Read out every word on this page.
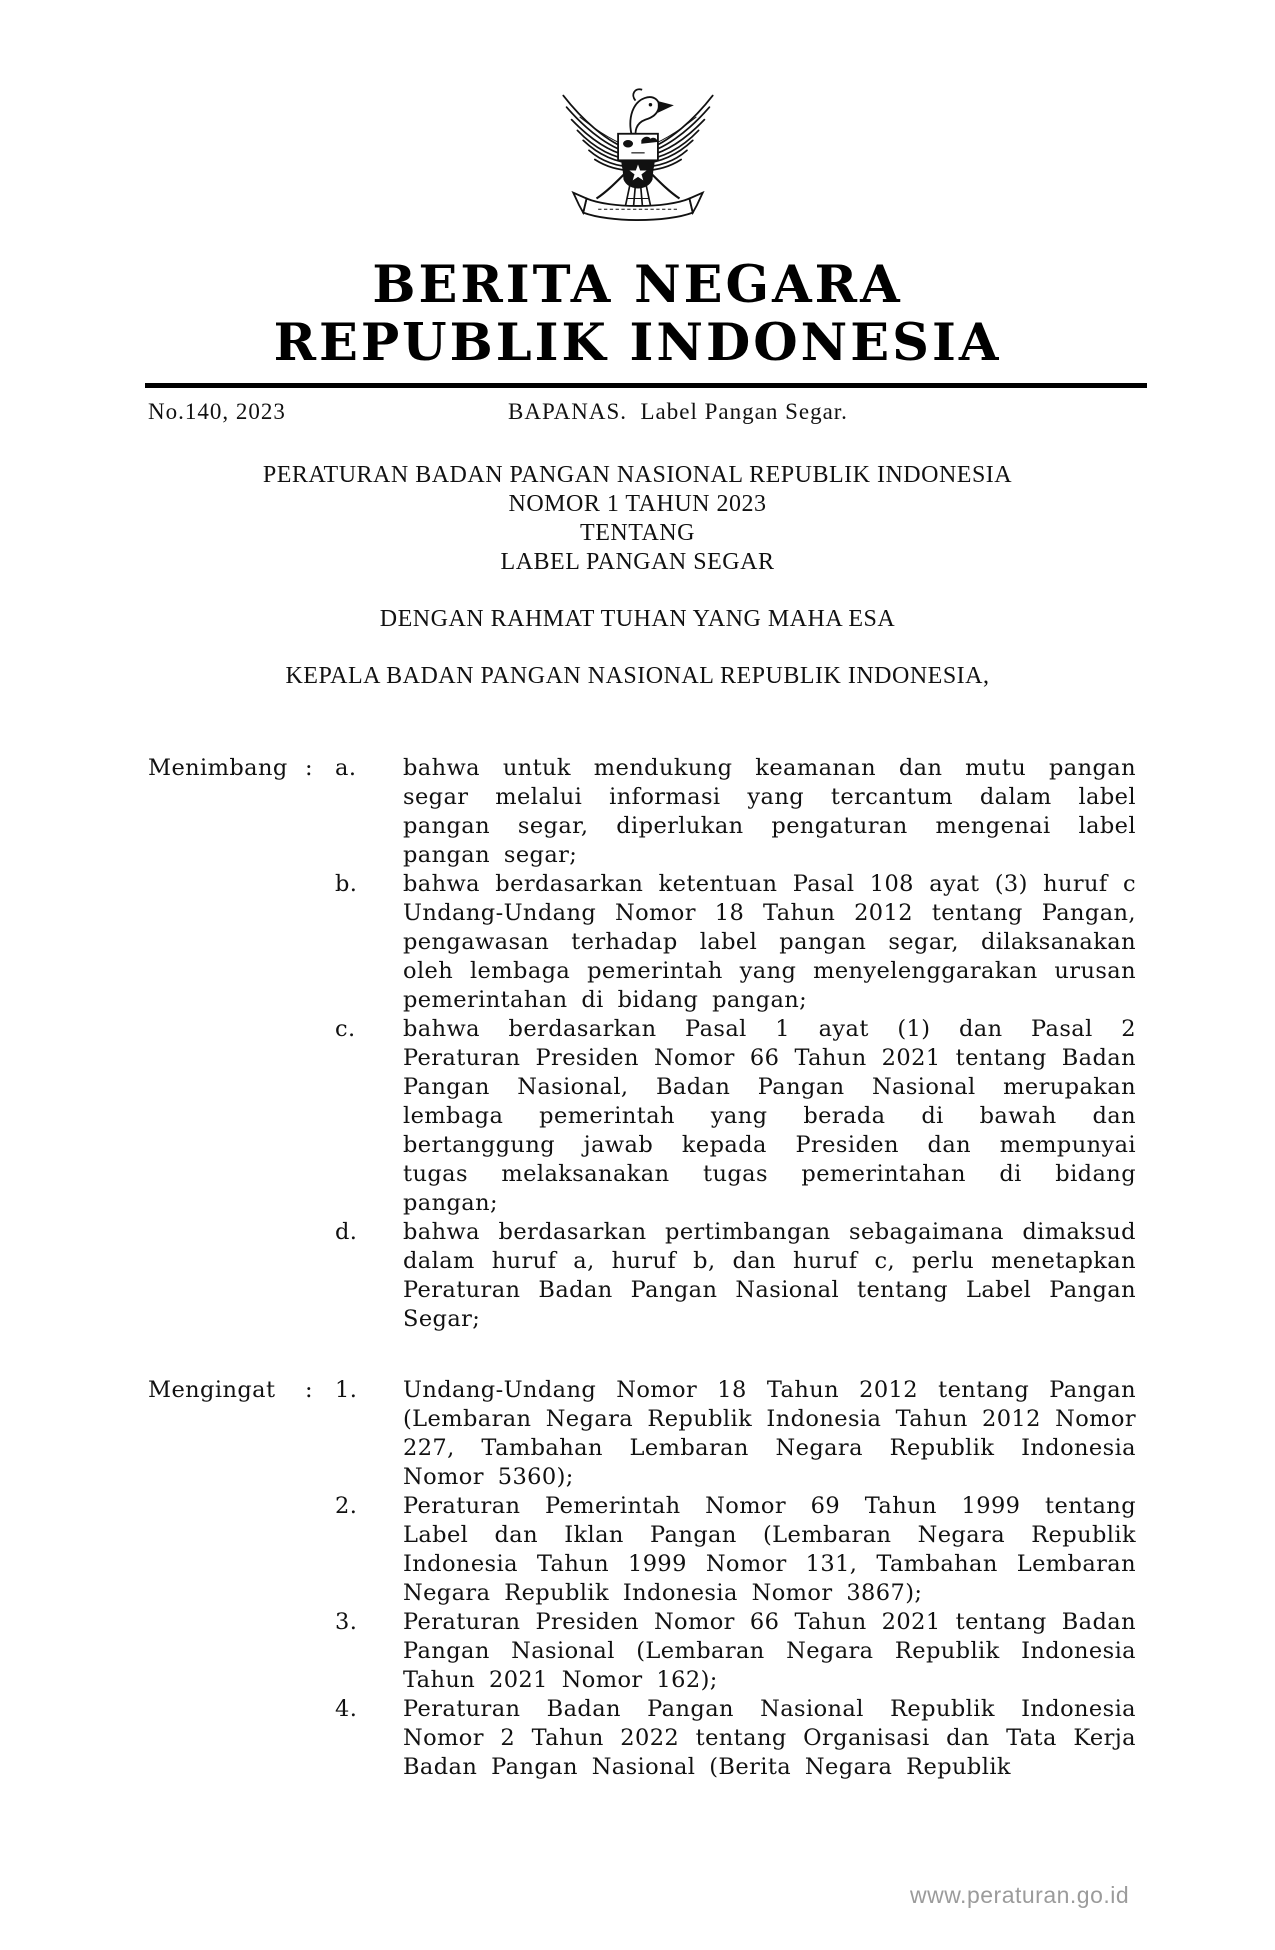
BERITA NEGARA
REPUBLIK INDONESIA
No.140, 2023	BAPANAS.  Label Pangan Segar.
PERATURAN BADAN PANGAN NASIONAL REPUBLIK INDONESIA
NOMOR 1 TAHUN 2023
TENTANG
LABEL PANGAN SEGAR
DENGAN RAHMAT TUHAN YANG MAHA ESA
KEPALA BADAN PANGAN NASIONAL REPUBLIK INDONESIA,
Menimbang : a.	bahwa untuk mendukung keamanan dan mutu pangan segar melalui informasi yang tercantum dalam label pangan segar, diperlukan pengaturan mengenai label pangan segar;
b.	bahwa berdasarkan ketentuan Pasal 108 ayat (3) huruf c Undang-Undang Nomor 18 Tahun 2012 tentang Pangan, pengawasan terhadap label pangan segar, dilaksanakan oleh lembaga pemerintah yang menyelenggarakan urusan pemerintahan di bidang pangan;
c.	bahwa berdasarkan Pasal 1 ayat (1) dan Pasal 2 Peraturan Presiden Nomor 66 Tahun 2021 tentang Badan Pangan Nasional, Badan Pangan Nasional merupakan lembaga pemerintah yang berada di bawah dan bertanggung jawab kepada Presiden dan mempunyai tugas melaksanakan tugas pemerintahan di bidang pangan;
d.	bahwa berdasarkan pertimbangan sebagaimana dimaksud dalam huruf a, huruf b, dan huruf c, perlu menetapkan Peraturan Badan Pangan Nasional tentang Label Pangan Segar;
Mengingat	: 1.	Undang-Undang Nomor 18 Tahun 2012 tentang Pangan (Lembaran Negara Republik Indonesia Tahun 2012 Nomor 227, Tambahan Lembaran Negara Republik Indonesia Nomor 5360);
2.	Peraturan Pemerintah Nomor 69 Tahun 1999 tentang Label dan Iklan Pangan (Lembaran Negara Republik Indonesia Tahun 1999 Nomor 131, Tambahan Lembaran Negara Republik Indonesia Nomor 3867);
3.	Peraturan Presiden Nomor 66 Tahun 2021 tentang Badan Pangan Nasional (Lembaran Negara Republik Indonesia Tahun 2021 Nomor 162);
4.	Peraturan Badan Pangan Nasional Republik Indonesia Nomor 2 Tahun 2022 tentang Organisasi dan Tata Kerja Badan Pangan Nasional (Berita Negara Republik
www.peraturan.go.id
